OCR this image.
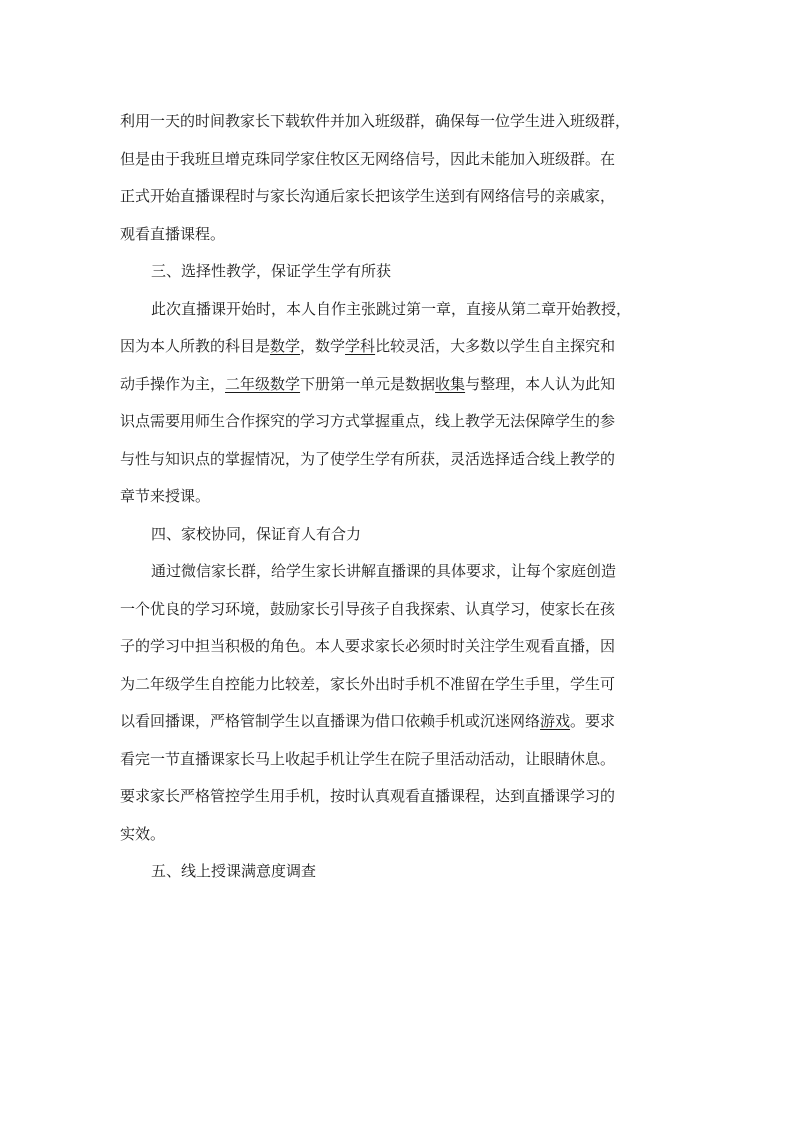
利用一天的时间教家长下载软件并加入班级群，确保每一位学生进入班级群，
但是由于我班旦增克珠同学家住牧区无网络信号，因此未能加入班级群。在
正式开始直播课程时与家长沟通后家长把该学生送到有网络信号的亲戚家，
观看直播课程。
三、选择性教学，保证学生学有所获
此次直播课开始时，本人自作主张跳过第一章，直接从第二章开始教授，
因为本人所教的科目是数学，数学学科比较灵活，大多数以学生自主探究和
动手操作为主，二年级数学下册第一单元是数据收集与整理，本人认为此知
识点需要用师生合作探究的学习方式掌握重点，线上教学无法保障学生的参
与性与知识点的掌握情况，为了使学生学有所获，灵活选择适合线上教学的
章节来授课。
四、家校协同，保证育人有合力
通过微信家长群，给学生家长讲解直播课的具体要求，让每个家庭创造
一个优良的学习环境，鼓励家长引导孩子自我探索、认真学习，使家长在孩
子的学习中担当积极的角色。本人要求家长必须时时关注学生观看直播，因
为二年级学生自控能力比较差，家长外出时手机不准留在学生手里，学生可
以看回播课，严格管制学生以直播课为借口依赖手机或沉迷网络游戏。要求
看完一节直播课家长马上收起手机让学生在院子里活动活动，让眼睛休息。
要求家长严格管控学生用手机，按时认真观看直播课程，达到直播课学习的
实效。
五、线上授课满意度调查
